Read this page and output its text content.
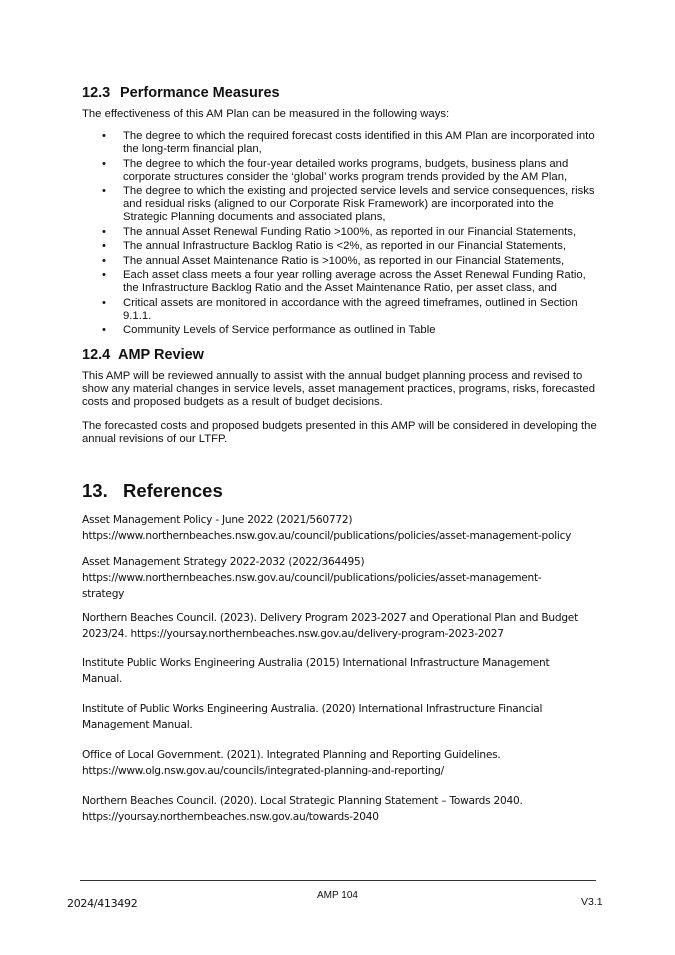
12.3 Performance Measures

The effectiveness of this AM Plan can be measured in the following ways:

• The degree to which the required forecast costs identified in this AM Plan are incorporated into the long-term financial plan,
• The degree to which the four-year detailed works programs, budgets, business plans and corporate structures consider the ‘global’ works program trends provided by the AM Plan,
• The degree to which the existing and projected service levels and service consequences, risks and residual risks (aligned to our Corporate Risk Framework) are incorporated into the Strategic Planning documents and associated plans,
• The annual Asset Renewal Funding Ratio >100%, as reported in our Financial Statements,
• The annual Infrastructure Backlog Ratio is <2%, as reported in our Financial Statements,
• The annual Asset Maintenance Ratio is >100%, as reported in our Financial Statements,
• Each asset class meets a four year rolling average across the Asset Renewal Funding Ratio, the Infrastructure Backlog Ratio and the Asset Maintenance Ratio, per asset class, and
• Critical assets are monitored in accordance with the agreed timeframes, outlined in Section 9.1.1.
• Community Levels of Service performance as outlined in Table
12.4 AMP Review

This AMP will be reviewed annually to assist with the annual budget planning process and revised to show any material changes in service levels, asset management practices, programs, risks, forecasted costs and proposed budgets as a result of budget decisions.

The forecasted costs and proposed budgets presented in this AMP will be considered in developing the annual revisions of our LTFP.

13. References
Asset Management Policy - June 2022 (2021/560772)
https://www.northernbeaches.nsw.gov.au/council/publications/policies/asset-management-policy
Asset Management Strategy 2022-2032 (2022/364495)
https://www.northernbeaches.nsw.gov.au/council/publications/policies/asset-management-strategy
Northern Beaches Council. (2023). Delivery Program 2023-2027 and Operational Plan and Budget 2023/24. https://yoursay.northernbeaches.nsw.gov.au/delivery-program-2023-2027
Institute Public Works Engineering Australia (2015) International Infrastructure Management Manual.
Institute of Public Works Engineering Australia. (2020) International Infrastructure Financial Management Manual.
Office of Local Government. (2021). Integrated Planning and Reporting Guidelines.
https://www.olg.nsw.gov.au/councils/integrated-planning-and-reporting/
Northern Beaches Council. (2020). Local Strategic Planning Statement – Towards 2040.
https://yoursay.northernbeaches.nsw.gov.au/towards-2040
2024/413492
AMP 104
V3.1
